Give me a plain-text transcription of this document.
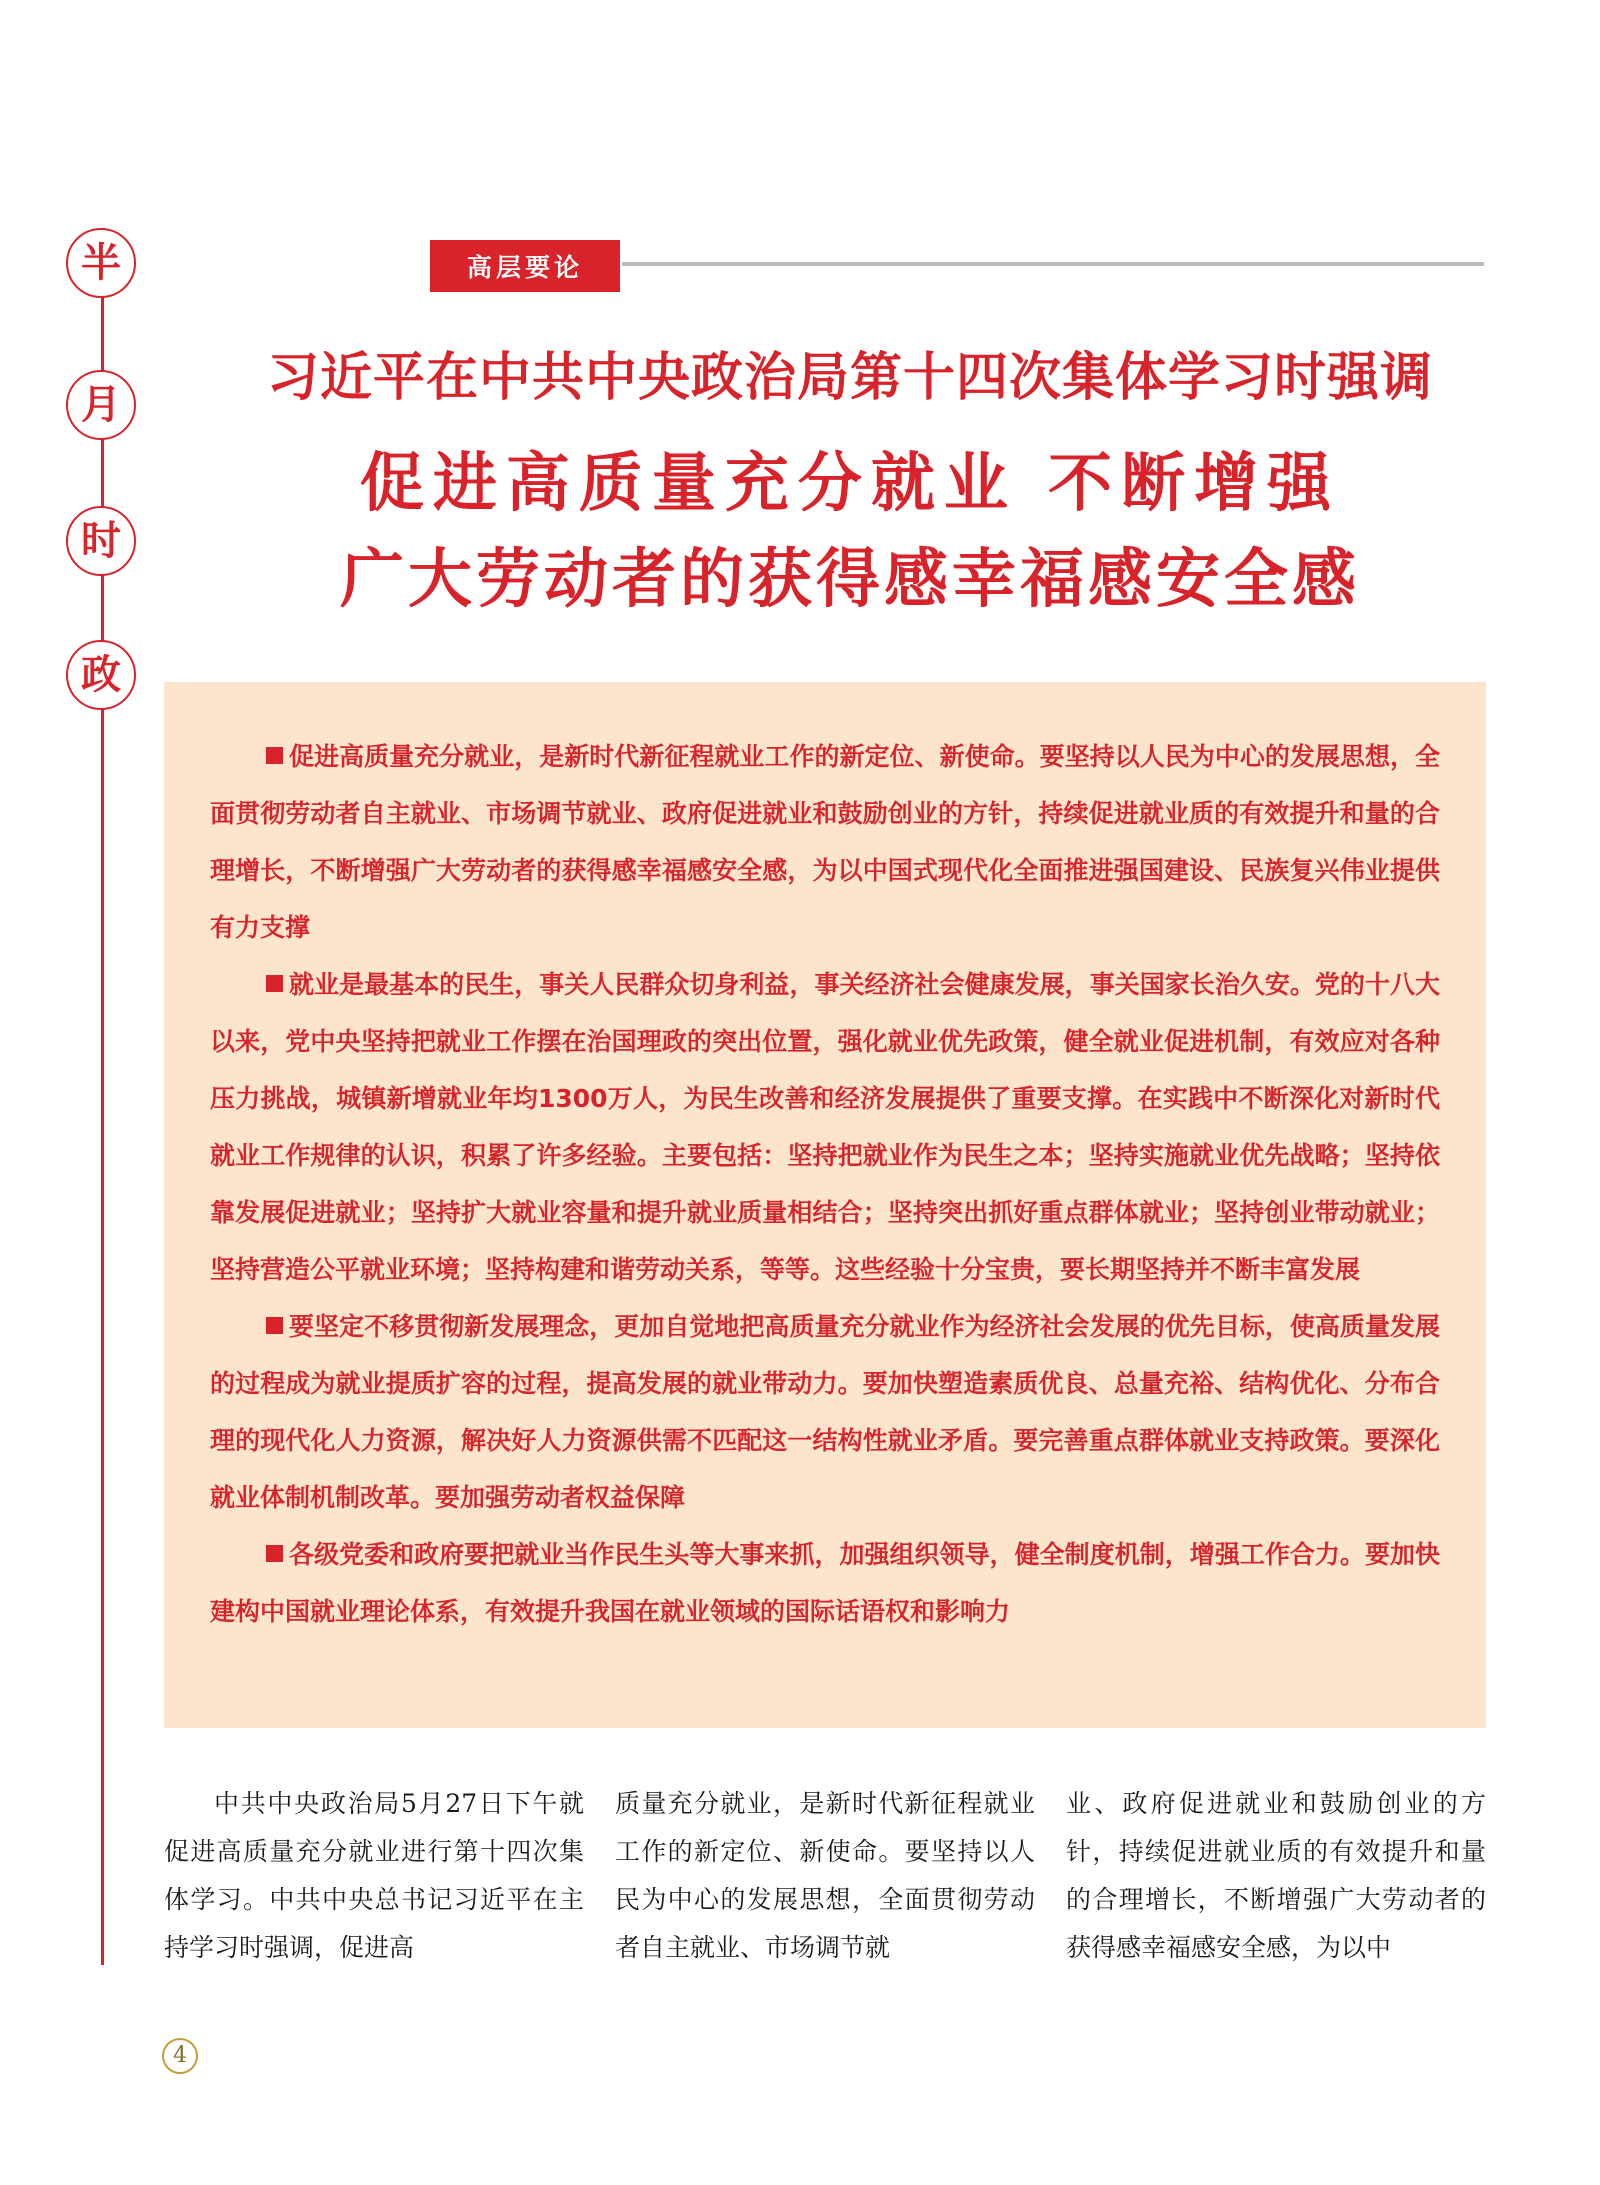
半
月
时
政
高层要论
习近平在中共中央政治局第十四次集体学习时强调
促进高质量充分就业 不断增强
广大劳动者的获得感幸福感安全感

促进高质量充分就业，是新时代新征程就业工作的新定位、新使命。要坚持以人民为中心的发展思想，全面贯彻劳动者自主就业、市场调节就业、政府促进就业和鼓励创业的方针，持续促进就业质的有效提升和量的合理增长，不断增强广大劳动者的获得感幸福感安全感，为以中国式现代化全面推进强国建设、民族复兴伟业提供有力支撑

就业是最基本的民生，事关人民群众切身利益，事关经济社会健康发展，事关国家长治久安。党的十八大以来，党中央坚持把就业工作摆在治国理政的突出位置，强化就业优先政策，健全就业促进机制，有效应对各种压力挑战，城镇新增就业年均1300万人，为民生改善和经济发展提供了重要支撑。在实践中不断深化对新时代就业工作规律的认识，积累了许多经验。主要包括：坚持把就业作为民生之本；坚持实施就业优先战略；坚持依靠发展促进就业；坚持扩大就业容量和提升就业质量相结合；坚持突出抓好重点群体就业；坚持创业带动就业；坚持营造公平就业环境；坚持构建和谐劳动关系，等等。这些经验十分宝贵，要长期坚持并不断丰富发展

要坚定不移贯彻新发展理念，更加自觉地把高质量充分就业作为经济社会发展的优先目标，使高质量发展的过程成为就业提质扩容的过程，提高发展的就业带动力。要加快塑造素质优良、总量充裕、结构优化、分布合理的现代化人力资源，解决好人力资源供需不匹配这一结构性就业矛盾。要完善重点群体就业支持政策。要深化就业体制机制改革。要加强劳动者权益保障

各级党委和政府要把就业当作民生头等大事来抓，加强组织领导，健全制度机制，增强工作合力。要加快建构中国就业理论体系，有效提升我国在就业领域的国际话语权和影响力

中共中央政治局5月27日下午就促进高质量充分就业进行第十四次集体学习。中共中央总书记习近平在主持学习时强调，促进高

质量充分就业，是新时代新征程就业工作的新定位、新使命。要坚持以人民为中心的发展思想，全面贯彻劳动者自主就业、市场调节就

业、政府促进就业和鼓励创业的方针，持续促进就业质的有效提升和量的合理增长，不断增强广大劳动者的获得感幸福感安全感，为以中

4
